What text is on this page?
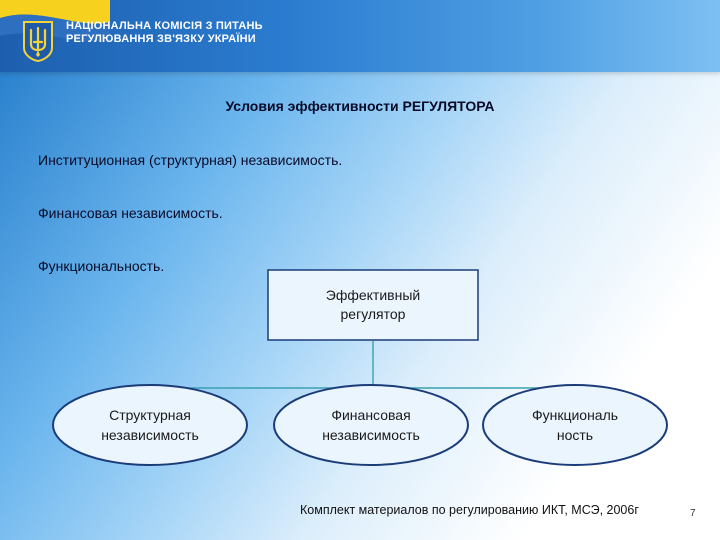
НАЦІОНАЛЬНА КОМІСІЯ З ПИТАНЬ
РЕГУЛЮВАННЯ ЗВ'ЯЗКУ УКРАЇНИ
Условия эффективности РЕГУЛЯТОРА
Институционная (структурная) независимость.
Финансовая независимость.
Функциональность.
Эффективный
регулятор
Структурная
независимость
Финансовая
независимость
Функциональ
ность
Комплект материалов по регулированию ИКТ, МСЭ, 2006г	7
